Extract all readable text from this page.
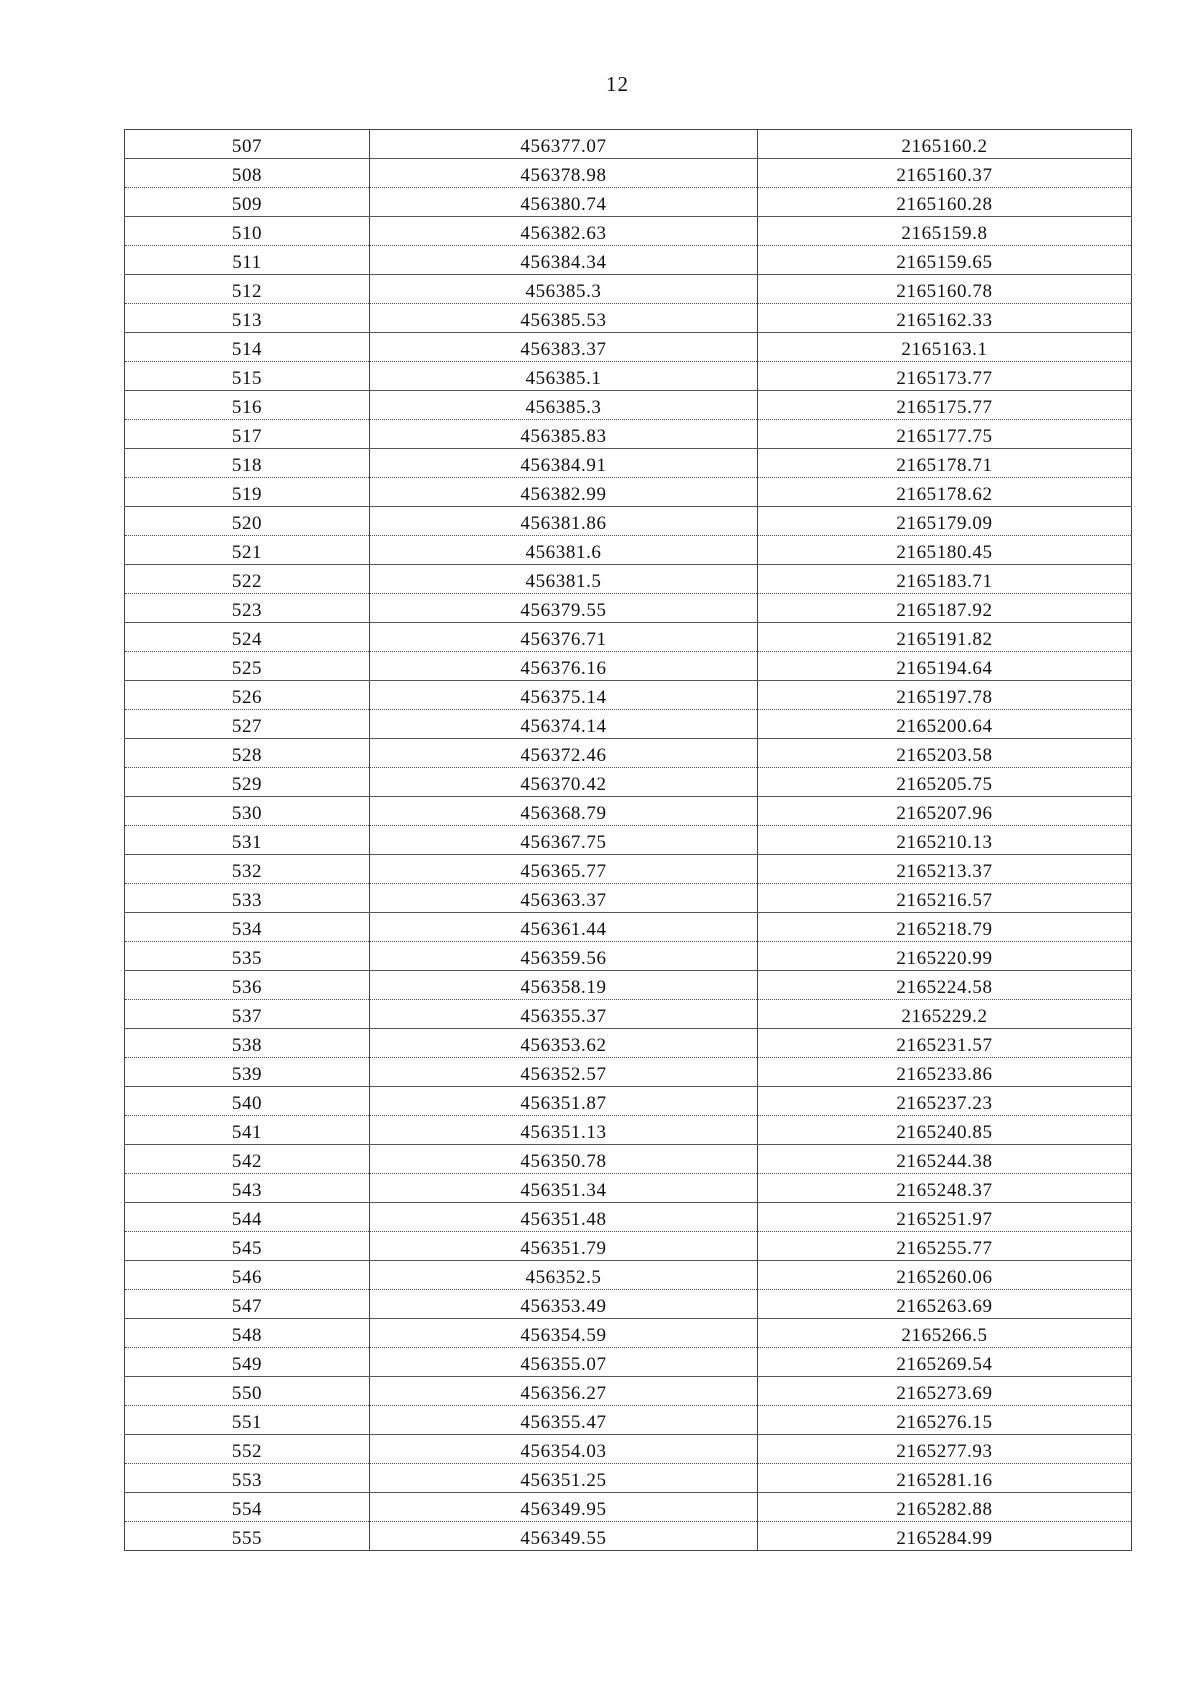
12
507	456377.07	2165160.2
508	456378.98	2165160.37
509	456380.74	2165160.28
510	456382.63	2165159.8
511	456384.34	2165159.65
512	456385.3	2165160.78
513	456385.53	2165162.33
514	456383.37	2165163.1
515	456385.1	2165173.77
516	456385.3	2165175.77
517	456385.83	2165177.75
518	456384.91	2165178.71
519	456382.99	2165178.62
520	456381.86	2165179.09
521	456381.6	2165180.45
522	456381.5	2165183.71
523	456379.55	2165187.92
524	456376.71	2165191.82
525	456376.16	2165194.64
526	456375.14	2165197.78
527	456374.14	2165200.64
528	456372.46	2165203.58
529	456370.42	2165205.75
530	456368.79	2165207.96
531	456367.75	2165210.13
532	456365.77	2165213.37
533	456363.37	2165216.57
534	456361.44	2165218.79
535	456359.56	2165220.99
536	456358.19	2165224.58
537	456355.37	2165229.2
538	456353.62	2165231.57
539	456352.57	2165233.86
540	456351.87	2165237.23
541	456351.13	2165240.85
542	456350.78	2165244.38
543	456351.34	2165248.37
544	456351.48	2165251.97
545	456351.79	2165255.77
546	456352.5	2165260.06
547	456353.49	2165263.69
548	456354.59	2165266.5
549	456355.07	2165269.54
550	456356.27	2165273.69
551	456355.47	2165276.15
552	456354.03	2165277.93
553	456351.25	2165281.16
554	456349.95	2165282.88
555	456349.55	2165284.99
